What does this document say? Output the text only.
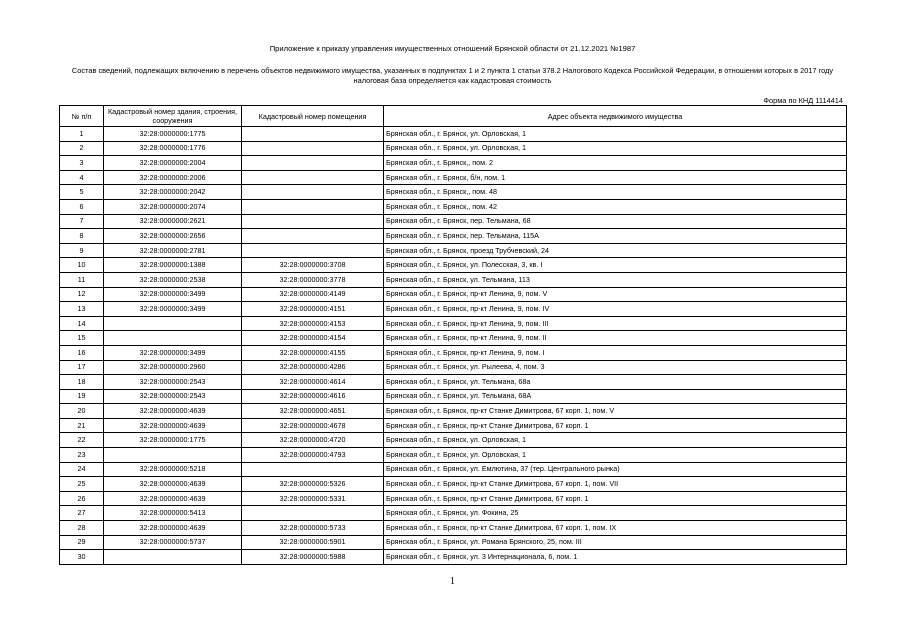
Приложение к приказу управления имущественных отношений Брянской области от 21.12.2021 №1987
Состав сведений, подлежащих включению в перечень объектов недвижимого имущества, указанных в подпунктах 1 и 2 пункта 1 статьи 378.2 Налогового Кодекса Российской Федерации, в отношении которых в 2017 году налоговая база определяется как кадастровая стоимость
Форма по КНД 1114414
№ п/п	Кадастровый номер здания, строения, сооружения	Кадастровый номер помещения	Адрес объекта недвижимого имущества
1	32:28:0000000:1775		Брянская обл., г. Брянск, ул. Орловская, 1
2	32:28:0000000:1776		Брянская обл., г. Брянск, ул. Орловская, 1
3	32:28:0000000:2004		Брянская обл., г. Брянск,, пом. 2
4	32:28:0000000:2006		Брянская обл., г. Брянск, б/н, пом. 1
5	32:28:0000000:2042		Брянская обл., г. Брянск,, пом. 48
6	32:28:0000000:2074		Брянская обл., г. Брянск,, пом. 42
7	32:28:0000000:2621		Брянская обл., г. Брянск, пер. Тельмана, 68
8	32:28:0000000:2656		Брянская обл., г. Брянск, пер. Тельмана, 115А
9	32:28:0000000:2781		Брянская обл., г. Брянск, проезд Трубчевский, 24
10	32:28:0000000:1388	32:28:0000000:3708	Брянская обл., г. Брянск, ул. Полесская, 3, кв. I
11	32:28:0000000:2538	32:28:0000000:3778	Брянская обл., г. Брянск, ул. Тельмана, 113
12	32:28:0000000:3499	32:28:0000000:4149	Брянская обл., г. Брянск, пр-кт Ленина, 9, пом. V
13	32:28:0000000:3499	32:28:0000000:4151	Брянская обл., г. Брянск, пр-кт Ленина, 9, пом. IV
14		32:28:0000000:4153	Брянская обл., г. Брянск, пр-кт Ленина, 9, пом. III
15		32:28:0000000:4154	Брянская обл., г. Брянск, пр-кт Ленина, 9, пом. II
16	32:28:0000000:3499	32:28:0000000:4155	Брянская обл., г. Брянск, пр-кт Ленина, 9, пом. I
17	32:28:0000000:2960	32:28:0000000:4286	Брянская обл., г. Брянск, ул. Рылеева, 4, пом. 3
18	32:28:0000000:2543	32:28:0000000:4614	Брянская обл., г. Брянск, ул. Тельмана, 68а
19	32:28:0000000:2543	32:28:0000000:4616	Брянская обл., г. Брянск, ул. Тельмана, 68А
20	32:28:0000000:4639	32:28:0000000:4651	Брянская обл., г. Брянск, пр-кт Станке Димитрова, 67 корп. 1, пом. V
21	32:28:0000000:4639	32:28:0000000:4678	Брянская обл., г. Брянск, пр-кт Станке Димитрова, 67 корп. 1
22	32:28:0000000:1775	32:28:0000000:4720	Брянская обл., г. Брянск, ул. Орловская, 1
23		32:28:0000000:4793	Брянская обл., г. Брянск, ул. Орловская, 1
24	32:28:0000000:5218		Брянская обл., г. Брянск, ул. Емлютина, 37 (тер. Центрального рынка)
25	32:28:0000000:4639	32:28:0000000:5326	Брянская обл., г. Брянск, пр-кт Станке Димитрова, 67 корп. 1, пом. VII
26	32:28:0000000:4639	32:28:0000000:5331	Брянская обл., г. Брянск, пр-кт Станке Димитрова, 67 корп. 1
27	32:28:0000000:5413		Брянская обл., г. Брянск, ул. Фокина, 25
28	32:28:0000000:4639	32:28:0000000:5733	Брянская обл., г. Брянск, пр-кт Станке Димитрова, 67 корп. 1, пом. IX
29	32:28:0000000:5737	32:28:0000000:5901	Брянская обл., г. Брянск, ул. Романа Брянского, 25, пом. III
30		32:28:0000000:5988	Брянская обл., г. Брянск, ул. 3 Интернационала, 6, пом. 1
1
